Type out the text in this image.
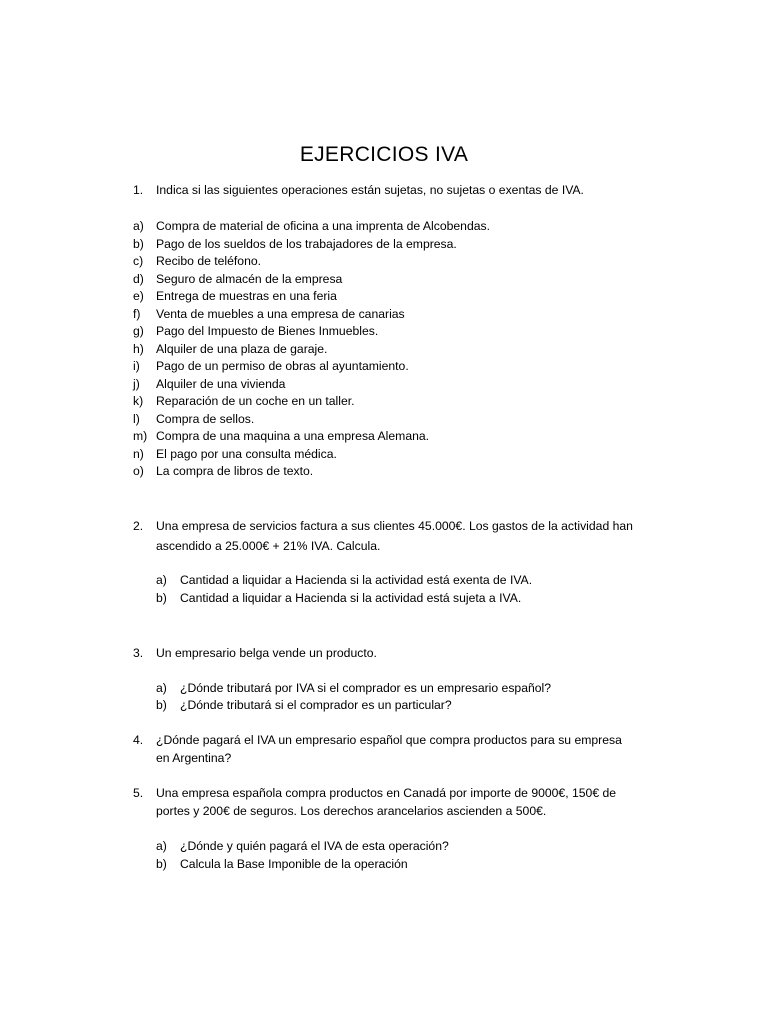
EJERCICIOS IVA
1. Indica si las siguientes operaciones están sujetas, no sujetas o exentas de IVA.
a) Compra de material de oficina a una imprenta de Alcobendas.
b) Pago de los sueldos de los trabajadores de la empresa.
c) Recibo de teléfono.
d) Seguro de almacén de la empresa
e) Entrega de muestras en una feria
f) Venta de muebles a una empresa de canarias
g) Pago del Impuesto de Bienes Inmuebles.
h) Alquiler de una plaza de garaje.
i) Pago de un permiso de obras al ayuntamiento.
j) Alquiler de una vivienda
k) Reparación de un coche en un taller.
l) Compra de sellos.
m) Compra de una maquina a una empresa Alemana.
n) El pago por una consulta médica.
o) La compra de libros de texto.
2. Una empresa de servicios factura a sus clientes 45.000€. Los gastos de la actividad han
ascendido a 25.000€ + 21% IVA. Calcula.
a) Cantidad a liquidar a Hacienda si la actividad está exenta de IVA.
b) Cantidad a liquidar a Hacienda si la actividad está sujeta a IVA.
3. Un empresario belga vende un producto.
a) ¿Dónde tributará por IVA si el comprador es un empresario español?
b) ¿Dónde tributará si el comprador es un particular?
4. ¿Dónde pagará el IVA un empresario español que compra productos para su empresa
en Argentina?
5. Una empresa española compra productos en Canadá por importe de 9000€, 150€ de
portes y 200€ de seguros. Los derechos arancelarios ascienden a 500€.
a) ¿Dónde y quién pagará el IVA de esta operación?
b) Calcula la Base Imponible de la operación
